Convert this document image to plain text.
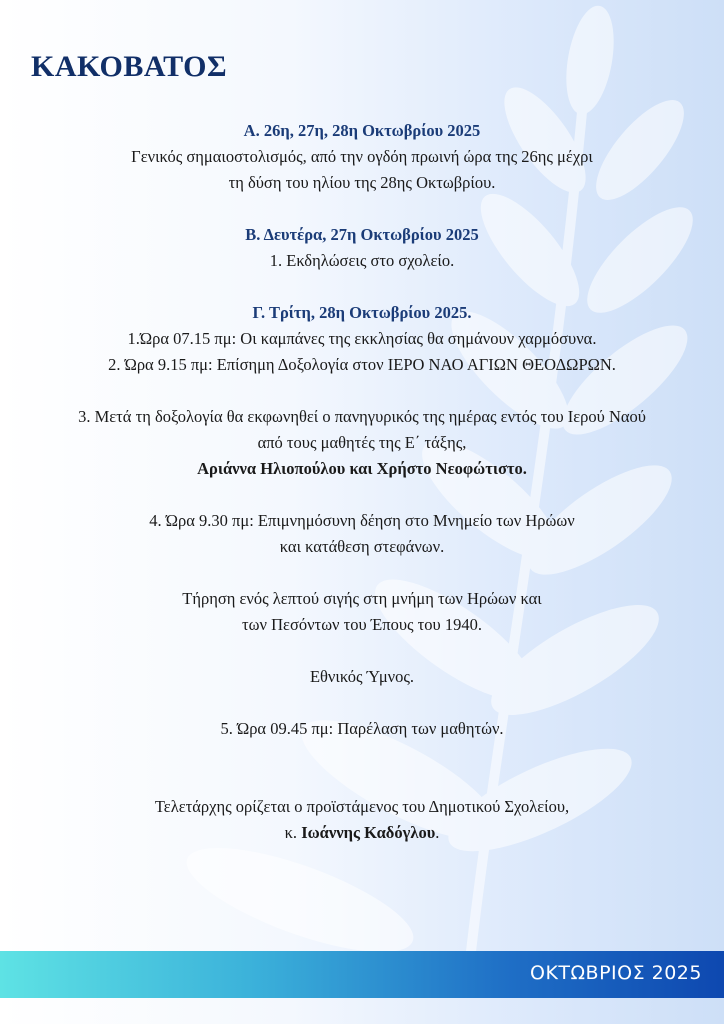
ΚΑΚΟΒΑΤΟΣ

Α. 26η, 27η, 28η Οκτωβρίου 2025

Γενικός σημαιοστολισμός, από την ογδόη πρωινή ώρα της 26ης μέχρι

τη δύση του ηλίου της 28ης Οκτωβρίου.

Β. Δευτέρα, 27η Οκτωβρίου 2025

1. Εκδηλώσεις στο σχολείο.

Γ. Τρίτη, 28η Οκτωβρίου 2025.

1.Ώρα 07.15 πμ: Οι καμπάνες της εκκλησίας θα σημάνουν χαρμόσυνα.

2. Ώρα 9.15 πμ: Επίσημη Δοξολογία στον ΙΕΡΟ ΝΑΟ ΑΓΙΩΝ ΘΕΟΔΩΡΩΝ.

3. Μετά τη δοξολογία θα εκφωνηθεί ο πανηγυρικός της ημέρας εντός του Ιερού Ναού

από τους μαθητές της Ε΄ τάξης,

Αριάννα Ηλιοπούλου και Χρήστο Νεοφώτιστο.

4. Ώρα 9.30 πμ: Επιμνημόσυνη δέηση στο Μνημείο των Ηρώων

και κατάθεση στεφάνων.

Τήρηση ενός λεπτού σιγής στη μνήμη των Ηρώων και

των Πεσόντων του Έπους του 1940.

Εθνικός Ύμνος.

5. Ώρα 09.45 πμ: Παρέλαση των μαθητών.

Τελετάρχης ορίζεται ο προϊστάμενος του Δημοτικού Σχολείου,

κ. Ιωάννης Καδόγλου.

ΟΚΤΩΒΡΙΟΣ 2025
